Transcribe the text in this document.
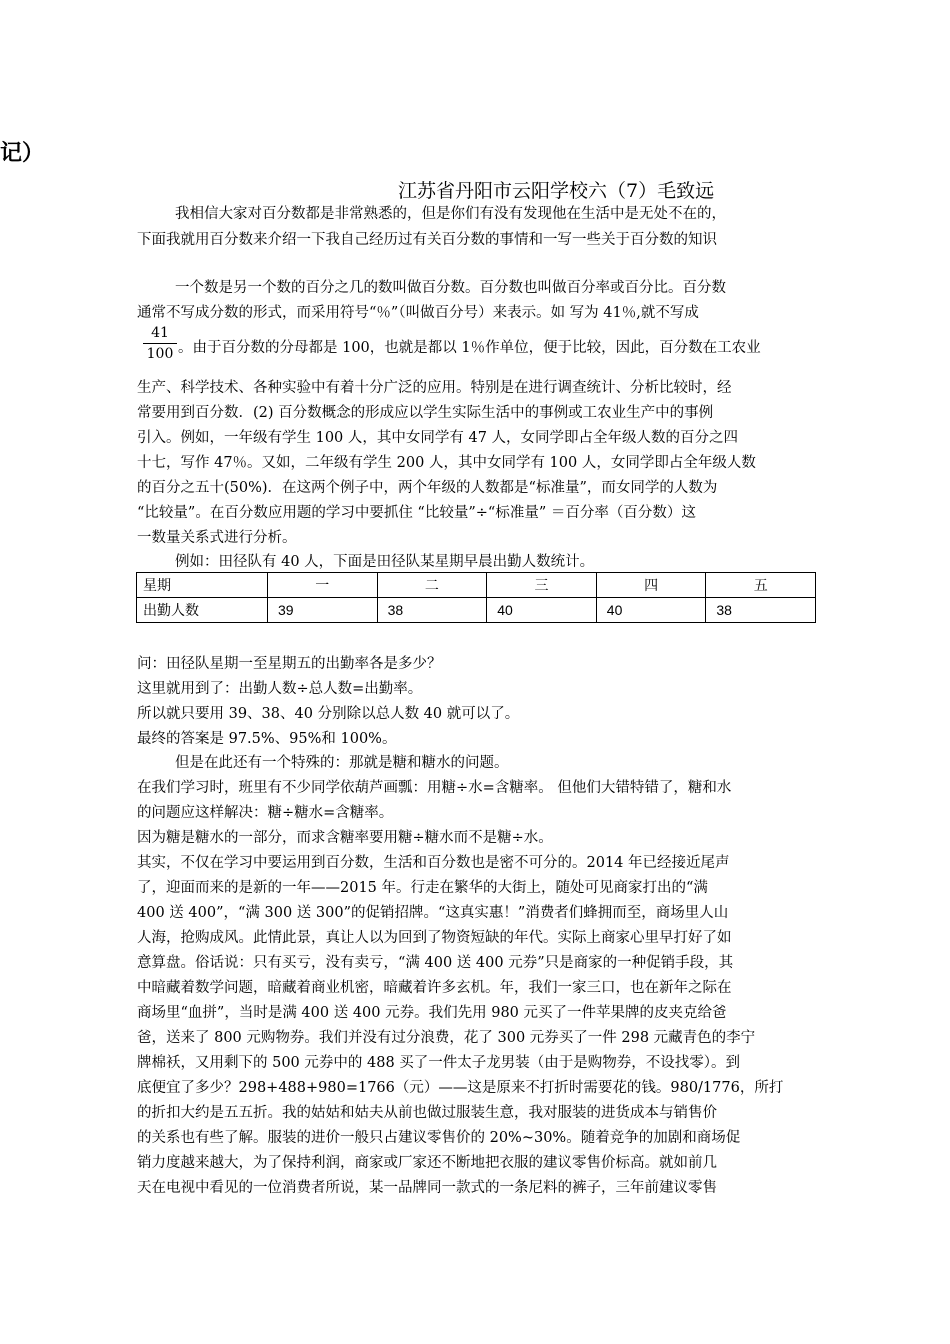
记）
江苏省丹阳市云阳学校六（7）毛致远
我相信大家对百分数都是非常熟悉的，但是你们有没有发现他在生活中是无处不在的，
下面我就用百分数来介绍一下我自己经历过有关百分数的事情和一写一些关于百分数的知识
一个数是另一个数的百分之几的数叫做百分数。百分数也叫做百分率或百分比。百分数
通常不写成分数的形式，而采用符号“％”（叫做百分号）来表示。如 写为 41％,就不写成
$\frac{41}{100}$ 。由于百分数的分母都是 100，也就是都以 1％作单位，便于比较，因此，百分数在工农业
生产、科学技术、各种实验中有着十分广泛的应用。特别是在进行调查统计、分析比较时，经
常要用到百分数．(2) 百分数概念的形成应以学生实际生活中的事例或工农业生产中的事例
引入。例如，一年级有学生 100 人，其中女同学有 47 人，女同学即占全年级人数的百分之四
十七，写作 47％。又如，二年级有学生 200 人，其中女同学有 100 人，女同学即占全年级人数
的百分之五十(50%)．在这两个例子中，两个年级的人数都是“标准量”，而女同学的人数为
“比较量”。在百分数应用题的学习中要抓住 “比较量”÷“标准量” ＝百分率（百分数）这
一数量关系式进行分析。
例如：田径队有 40 人，下面是田径队某星期早晨出勤人数统计。
星期	一	二	三	四	五
出勤人数	39	38	40	40	38
问：田径队星期一至星期五的出勤率各是多少？
这里就用到了：出勤人数÷总人数=出勤率。
所以就只要用 39、38、40 分别除以总人数 40 就可以了。
最终的答案是 97.5%、95%和 100%。
但是在此还有一个特殊的：那就是糖和糖水的问题。
在我们学习时，班里有不少同学依葫芦画瓢：用糖÷水=含糖率。 但他们大错特错了，糖和水
的问题应这样解决：糖÷糖水=含糖率。
因为糖是糖水的一部分，而求含糖率要用糖÷糖水而不是糖÷水。
其实，不仅在学习中要运用到百分数，生活和百分数也是密不可分的。2014 年已经接近尾声
了，迎面而来的是新的一年——2015 年。行走在繁华的大街上，随处可见商家打出的“满
400 送 400”，“满 300 送 300”的促销招牌。“这真实惠！”消费者们蜂拥而至，商场里人山
人海，抢购成风。此情此景，真让人以为回到了物资短缺的年代。实际上商家心里早打好了如
意算盘。俗话说：只有买亏，没有卖亏，“满 400 送 400 元券”只是商家的一种促销手段，其
中暗藏着数学问题，暗藏着商业机密，暗藏着许多玄机。年，我们一家三口，也在新年之际在
商场里“血拼”，当时是满 400 送 400 元券。我们先用 980 元买了一件苹果牌的皮夹克给爸
爸，送来了 800 元购物券。我们并没有过分浪费，花了 300 元券买了一件 298 元藏青色的李宁
牌棉袄，又用剩下的 500 元券中的 488 买了一件太子龙男装（由于是购物券，不设找零）。到
底便宜了多少？298+488+980=1766（元）——这是原来不打折时需要花的钱。980/1776，所打
的折扣大约是五五折。我的姑姑和姑夫从前也做过服装生意，我对服装的进货成本与销售价
的关系也有些了解。服装的进价一般只占建议零售价的 20%~30%。随着竞争的加剧和商场促
销力度越来越大，为了保持利润，商家或厂家还不断地把衣服的建议零售价标高。就如前几
天在电视中看见的一位消费者所说，某一品牌同一款式的一条尼料的裤子，三年前建议零售
